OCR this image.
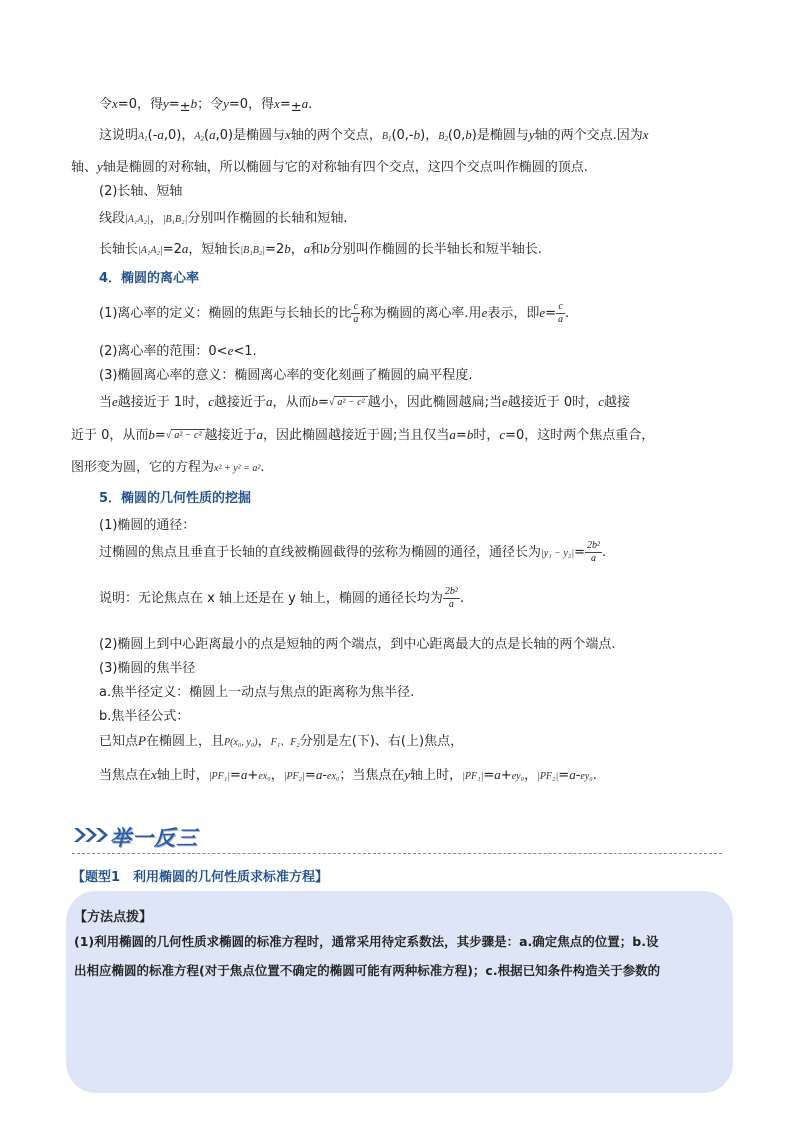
令x=0，得y=±b；令y=0，得x=±a.
这说明$A_1(-a,0)$，$A_2(a,0)$是椭圆与x轴的两个交点，$B_1(0,-b)$，$B_2(0,b)$是椭圆与y轴的两个交点.因为x
轴、y轴是椭圆的对称轴，所以椭圆与它的对称轴有四个交点，这四个交点叫作椭圆的顶点.
(2)长轴、短轴
线段|A₁A₂|，|B₁B₂|分别叫作椭圆的长轴和短轴.
长轴长|A₁A₂|=2a，短轴长|B₁B₂|=2b，a和b分别叫作椭圆的长半轴长和短半轴长.
4．椭圆的离心率
(1)离心率的定义：椭圆的焦距与长轴长的比 $\frac{c}{a}$ 称为椭圆的离心率.用e表示，即$e= \frac{c}{a}$ .
(2)离心率的范围：0<e<1.
(3)椭圆离心率的意义：椭圆离心率的变化刻画了椭圆的扁平程度.
当e越接近于 1时，c越接近于a，从而b=√ a² − c² 越小，因此椭圆越扁;当e越接近于 0时，c越接
近于 0，从而b=√ a² − c² 越接近于a，因此椭圆越接近于圆;当且仅当a=b时，c=0，这时两个焦点重合，
图形变为圆，它的方程为x² + y² = a².
5．椭圆的几何性质的挖掘
(1)椭圆的通径：
过椭圆的焦点且垂直于长轴的直线被椭圆截得的弦称为椭圆的通径，通径长为$|y_1 - y_2|= \frac{\text{2b²}}{a}$ .
说明：无论焦点在 x 轴上还是在 y 轴上，椭圆的通径长均为 $\frac{\text{2b²}}{a}$ .
(2)椭圆上到中心距离最小的点是短轴的两个端点，到中心距离最大的点是长轴的两个端点.
(3)椭圆的焦半径
a.焦半径定义：椭圆上一动点与焦点的距离称为焦半径.
b.焦半径公式：
已知点P在椭圆上，且P(x₀, y₀)，F₁、F₂分别是左(下)、右(上)焦点，
当焦点在x轴上时，|PF₁|=a+ex₀，|PF₂|=a-ex₀；当焦点在y轴上时，|PF₁|=a+ey₀，|PF₂|=a-ey₀.
举一反三
【题型1　利用椭圆的几何性质求标准方程】
【方法点拨】
(1)利用椭圆的几何性质求椭圆的标准方程时，通常采用待定系数法，其步骤是：a.确定焦点的位置；b.设
出相应椭圆的标准方程(对于焦点位置不确定的椭圆可能有两种标准方程)；c.根据已知条件构造关于参数的
